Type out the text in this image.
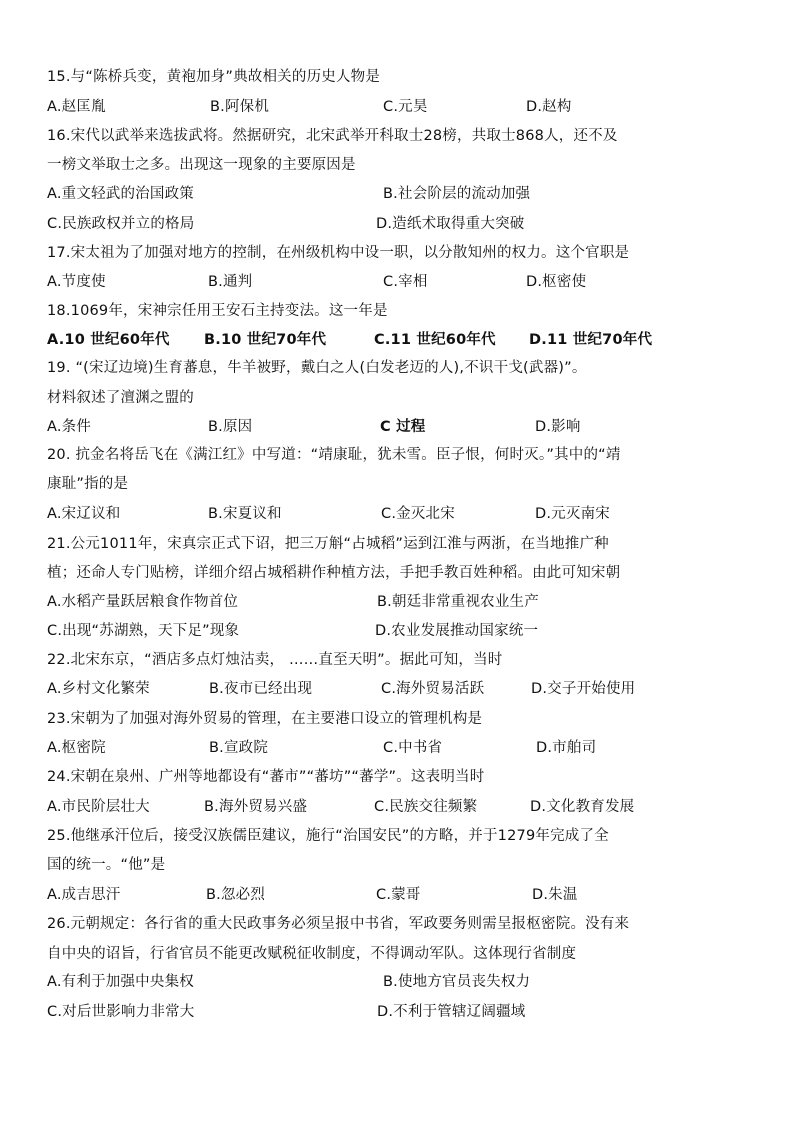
15.与“陈桥兵变，黄袍加身”典故相关的历史人物是
A.赵匡胤	B.阿保机	C.元昊	D.赵构
16.宋代以武举来选拔武将。然据研究，北宋武举开科取士28榜，共取士868人，还不及
一榜文举取士之多。出现这一现象的主要原因是
A.重文轻武的治国政策	B.社会阶层的流动加强
C.民族政权并立的格局	D.造纸术取得重大突破
17.宋太祖为了加强对地方的控制，在州级机构中设一职，以分散知州的权力。这个官职是
A.节度使	B.通判	C.宰相	D.枢密使
18.1069年，宋神宗任用王安石主持变法。这一年是
A.10 世纪60年代 B.10 世纪70年代	C.11 世纪60年代 D.11 世纪70年代
19. “(宋辽边境)生育蕃息，牛羊被野，戴白之人(白发老迈的人),不识干戈(武器)”。
材料叙述了澶渊之盟的
A.条件	B.原因	C 过程	D.影响
20. 抗金名将岳飞在《满江红》中写道：“靖康耻，犹未雪。臣子恨，何时灭。”其中的“靖
康耻”指的是
A.宋辽议和	B.宋夏议和	C.金灭北宋	D.元灭南宋
21.公元1011年，宋真宗正式下诏，把三万斛“占城稻”运到江淮与两浙，在当地推广种
植；还命人专门贴榜，详细介绍占城稻耕作种植方法，手把手教百姓种稻。由此可知宋朝
A.水稻产量跃居粮食作物首位	B.朝廷非常重视农业生产
C.出现“苏湖熟，天下足”现象	D.农业发展推动国家统一
22.北宋东京，“酒店多点灯烛沽卖， ……直至天明”。据此可知，当时
A.乡村文化繁荣	B.夜市已经出现	C.海外贸易活跃	D.交子开始使用
23.宋朝为了加强对海外贸易的管理，在主要港口设立的管理机构是
A.枢密院	B.宣政院	C.中书省	D.市舶司
24.宋朝在泉州、广州等地都设有“蕃市”“蕃坊”“蕃学”。这表明当时
A.市民阶层壮大	B.海外贸易兴盛	C.民族交往频繁	D.文化教育发展
25.他继承汗位后，接受汉族儒臣建议，施行“治国安民”的方略，并于1279年完成了全
国的统一。“他”是
A.成吉思汗	B.忽必烈	C.蒙哥	D.朱温
26.元朝规定：各行省的重大民政事务必须呈报中书省，军政要务则需呈报枢密院。没有来
自中央的诏旨，行省官员不能更改赋税征收制度，不得调动军队。这体现行省制度
A.有利于加强中央集权	B.使地方官员丧失权力
C.对后世影响力非常大	D.不利于管辖辽阔疆域
